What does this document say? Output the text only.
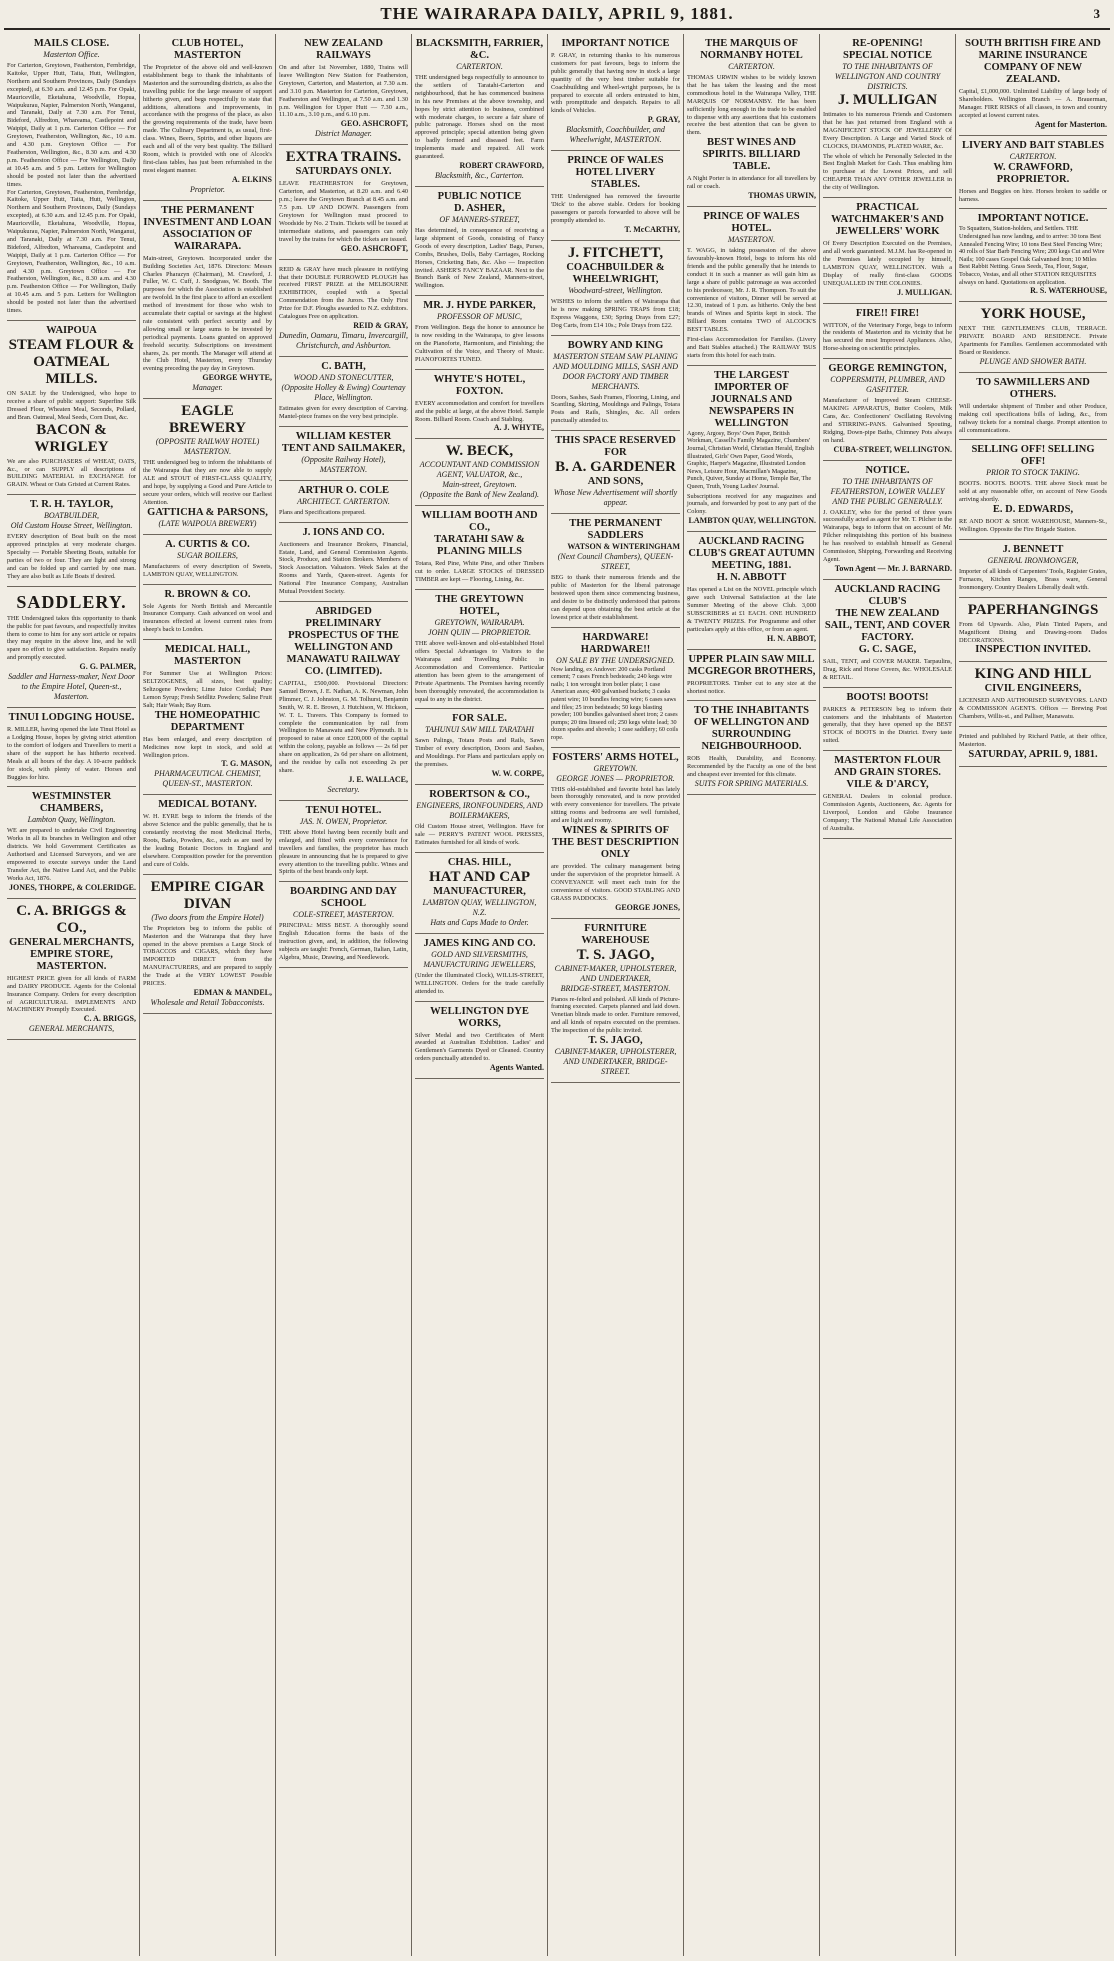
THE WAIRARAPA DAILY, APRIL 9, 1881.	3
MAILS CLOSE.
Masterton Office.
For Carterton, Greytown, Featherston, Fernbridge, Kaitoke, Upper Hutt, Taita, Hutt, Wellington, Northern and Southern Provinces, Daily (Sundays excepted), at 6.30 a.m. and 12.45 p.m. For Opaki, Mauriceville, Eketahuna, Woodville, Hopua, Waipukurau, Napier, Palmerston North, Wanganui, and Taranaki, Daily at 7.30 a.m. For Tenui, Bideford, Alfredton, Whareama, Castlepoint and Waipipi, Daily at 1 p.m. Carterton Office — For Greytown, Featherston, Wellington, &c., 10 a.m. and 4.30 p.m. Greytown Office — For Featherston, Wellington, &c., 8.30 a.m. and 4.30 p.m. Featherston Office — For Wellington, Daily at 10.45 a.m. and 5 p.m. Letters for Wellington should be posted not later than the advertised times.
For Carterton, Greytown, Featherston, Fernbridge, Kaitoke, Upper Hutt, Taita, Hutt, Wellington, Northern and Southern Provinces, Daily (Sundays excepted), at 6.30 a.m. and 12.45 p.m. For Opaki, Mauriceville, Eketahuna, Woodville, Hopua, Waipukurau, Napier, Palmerston North, Wanganui, and Taranaki, Daily at 7.30 a.m. For Tenui, Bideford, Alfredton, Whareama, Castlepoint and Waipipi, Daily at 1 p.m. Carterton Office — For Greytown, Featherston, Wellington, &c., 10 a.m. and 4.30 p.m. Greytown Office — For Featherston, Wellington, &c., 8.30 a.m. and 4.30 p.m. Featherston Office — For Wellington, Daily at 10.45 a.m. and 5 p.m. Letters for Wellington should be posted not later than the advertised times.
WAIPOUA
STEAM FLOUR & OATMEAL MILLS.
ON SALE by the Undersigned, who hope to receive a share of public support: Superfine Silk Dressed Flour, Wheaten Meal, Seconds, Pollard, and Bran. Oatmeal, Meal Seeds, Corn Dust, &c.
BACON & WRIGLEY
We are also PURCHASERS of WHEAT, OATS, &c., or can SUPPLY all descriptions of BUILDING MATERIAL in EXCHANGE for GRAIN. Wheat or Oats Gristed at Current Rates.
T. R. H. TAYLOR,
BOATBUILDER,
Old Custom House Street, Wellington.
EVERY description of Boat built on the most approved principles at very moderate charges. Specialty — Portable Sheeting Boats, suitable for parties of two or four. They are light and strong and can be folded up and carried by one man. They are also built as Life Boats if desired.
SADDLERY.
THE Undersigned takes this opportunity to thank the public for past favours, and respectfully invites them to come to him for any sort article or repairs they may require in the above line, and he will spare no effort to give satisfaction. Repairs neatly and promptly executed.
G. G. PALMER,
Saddler and Harness-maker, Next Door to the Empire Hotel, Queen-st., Masterton.
TINUI LODGING HOUSE.
R. MILLER, having opened the late Tinui Hotel as a Lodging House, hopes by giving strict attention to the comfort of lodgers and Travellers to merit a share of the support he has hitherto received. Meals at all hours of the day. A 10-acre paddock for stock, with plenty of water. Horses and Buggies for hire.
WESTMINSTER CHAMBERS,
Lambton Quay, Wellington.
WE are prepared to undertake Civil Engineering Works in all its branches in Wellington and other districts. We hold Government Certificates as Authorised and Licensed Surveyors, and we are empowered to execute surveys under the Land Transfer Act, the Native Land Act, and the Public Works Act, 1876.
JONES, THORPE, & COLERIDGE.
C. A. BRIGGS & CO.,
GENERAL MERCHANTS,
EMPIRE STORE, MASTERTON.
HIGHEST PRICE given for all kinds of FARM and DAIRY PRODUCE. Agents for the Colonial Insurance Company. Orders for every description of AGRICULTURAL IMPLEMENTS AND MACHINERY Promptly Executed.
C. A. BRIGGS,
GENERAL MERCHANTS,
CLUB HOTEL, MASTERTON
The Proprietor of the above old and well-known establishment begs to thank the inhabitants of Masterton and the surrounding districts, as also the travelling public for the large measure of support hitherto given, and begs respectfully to state that additions, alterations and improvements, in accordance with the progress of the place, as also the growing requirements of the trade, have been made. The Culinary Department is, as usual, first-class. Wines, Beers, Spirits, and other liquors are each and all of the very best quality. The Billiard Room, which is provided with one of Alcock's first-class tables, has just been refurnished in the most elegant manner.
A. ELKINS
Proprietor.
THE PERMANENT INVESTMENT AND LOAN ASSOCIATION OF WAIRARAPA.
Main-street, Greytown. Incorporated under the Building Societies Act, 1876. Directors: Messrs Charles Pharazyn (Chairman), M. Crawford, J. Fuller, W. C. Cuff, J. Snodgrass, W. Booth. The purposes for which the Association is established are twofold. In the first place to afford an excellent method of investment for those who wish to accumulate their capital or savings at the highest rate consistent with perfect security and by allowing small or large sums to be invested by periodical payments. Loans granted on approved freehold security. Subscriptions on investment shares, 2s. per month. The Manager will attend at the Club Hotel, Masterton, every Thursday evening preceding the pay day in Greytown.
GEORGE WHYTE,
Manager.
EAGLE BREWERY
(OPPOSITE RAILWAY HOTEL)
MASTERTON.
THE undersigned beg to inform the inhabitants of the Wairarapa that they are now able to supply ALE and STOUT of FIRST-CLASS QUALITY, and hope, by supplying a Good and Pure Article to secure your orders, which will receive our Earliest Attention.
GATTICHA & PARSONS,
(LATE WAIPOUA BREWERY)
A. CURTIS & CO.
SUGAR BOILERS,
Manufacturers of every description of Sweets, LAMBTON QUAY, WELLINGTON.
R. BROWN & CO.
Sole Agents for North British and Mercantile Insurance Company. Cash advanced on wool and insurances effected at lowest current rates from sheep's back to London.
MEDICAL HALL, MASTERTON
For Summer Use at Wellington Prices: SELTZOGENES, all sizes, best quality; Seltzogene Powders; Lime Juice Cordial; Pure Lemon Syrup; Fresh Seidlitz Powders; Saline Fruit Salt; Hair Wash; Bay Rum.
THE HOMEOPATHIC DEPARTMENT
Has been enlarged, and every description of Medicines now kept in stock, and sold at Wellington prices.
T. G. MASON,
PHARMACEUTICAL CHEMIST, QUEEN-ST., MASTERTON.
MEDICAL BOTANY.
W. H. EYRE begs to inform the friends of the above Science and the public generally, that he is constantly receiving the most Medicinal Herbs, Roots, Barks, Powders, &c., such as are used by the leading Botanic Doctors in England and elsewhere. Composition powder for the prevention and cure of Colds.
EMPIRE CIGAR DIVAN
(Two doors from the Empire Hotel)
The Proprietors beg to inform the public of Masterton and the Wairarapa that they have opened in the above premises a Large Stock of TOBACCOS and CIGARS, which they have IMPORTED DIRECT from the MANUFACTURERS, and are prepared to supply the Trade at the VERY LOWEST Possible PRICES.
EDMAN & MANDEL,
Wholesale and Retail Tobacconists.
NEW ZEALAND RAILWAYS
On and after 1st November, 1880, Trains will leave Wellington New Station for Featherston, Greytown, Carterton, and Masterton, at 7.30 a.m. and 3.10 p.m. Masterton for Carterton, Greytown, Featherston and Wellington, at 7.50 a.m. and 1.30 p.m. Wellington for Upper Hutt — 7.30 a.m., 11.10 a.m., 3.10 p.m., and 6.10 p.m.
GEO. ASHCROFT,
District Manager.
EXTRA TRAINS.
SATURDAYS ONLY.
LEAVE FEATHERSTON for Greytown, Carterton, and Masterton, at 8.20 a.m. and 6.40 p.m.; leave the Greytown Branch at 8.45 a.m. and 7.5 p.m. UP AND DOWN. Passengers from Greytown for Wellington must proceed to Woodside by No. 2 Train. Tickets will be issued at intermediate stations, and passengers can only travel by the trains for which the tickets are issued.
GEO. ASHCROFT,
REID & GRAY have much pleasure in notifying that their DOUBLE FURROWED PLOUGH has received FIRST PRIZE at the MELBOURNE EXHIBITION, coupled with a Special Commendation from the Jurors. The Only First Prize for D.F. Ploughs awarded to N.Z. exhibitors. Catalogues Free on application.
REID & GRAY,
Dunedin, Oamaru, Timaru, Invercargill, Christchurch, and Ashburton.
C. BATH,
WOOD AND STONECUTTER,
(Opposite Holley & Ewing) Courtenay Place, Wellington.
Estimates given for every description of Carving. Mantel-piece frames on the very best principle.
WILLIAM KESTER
TENT AND SAILMAKER,
(Opposite Railway Hotel), MASTERTON.
ARTHUR O. COLE
ARCHITECT. CARTERTON.
Plans and Specifications prepared.
J. IONS AND CO.
Auctioneers and Insurance Brokers, Financial, Estate, Land, and General Commission Agents. Stock, Produce, and Station Brokers. Members of Stock Association. Valuators. Week Sales at the Rooms and Yards, Queen-street. Agents for National Fire Insurance Company, Australian Mutual Provident Society.
ABRIDGED PRELIMINARY PROSPECTUS OF THE WELLINGTON AND MANAWATU RAILWAY CO. (LIMITED).
CAPITAL, £500,000. Provisional Directors: Samuel Brown, J. E. Nathan, A. K. Newman, John Plimmer, C. J. Johnston, G. M. Tolhurst, Benjamin Smith, W. R. E. Brown, J. Hutchison, W. Hickson, W. T. L. Travers. This Company is formed to complete the communication by rail from Wellington to Manawatu and New Plymouth. It is proposed to raise at once £200,000 of the capital within the colony, payable as follows — 2s 6d per share on application, 2s 6d per share on allotment, and the residue by calls not exceeding 2s per share.
J. E. WALLACE,
Secretary.
TENUI HOTEL.
JAS. N. OWEN, Proprietor.
THE above Hotel having been recently built and enlarged, and fitted with every convenience for travellers and families, the proprietor has much pleasure in announcing that he is prepared to give every attention to the travelling public. Wines and Spirits of the best brands only kept.
BOARDING AND DAY SCHOOL
COLE-STREET, MASTERTON.
PRINCIPAL: MISS BEST. A thoroughly sound English Education forms the basis of the instruction given, and, in addition, the following subjects are taught: French, German, Italian, Latin, Algebra, Music, Drawing, and Needlework.
BLACKSMITH, FARRIER, &C.
CARTERTON.
THE undersigned begs respectfully to announce to the settlers of Taratahi-Carterton and neighbourhood, that he has commenced business in his new Premises at the above township, and hopes by strict attention to business, combined with moderate charges, to secure a fair share of public patronage. Horses shod on the most approved principle; special attention being given to badly formed and diseased feet. Farm implements made and repaired. All work guaranteed.
ROBERT CRAWFORD,
Blacksmith, &c., Carterton.
PUBLIC NOTICE
D. ASHER,
OF MANNERS-STREET,
Has determined, in consequence of receiving a large shipment of Goods, consisting of Fancy Goods of every description, Ladies' Bags, Purses, Combs, Brushes, Dolls, Baby Carriages, Rocking Horses, Cricketing Bats, &c. Also — Inspection invited. ASHER'S FANCY BAZAAR. Next to the Branch Bank of New Zealand, Manners-street, Wellington.
MR. J. HYDE PARKER,
PROFESSOR OF MUSIC,
From Wellington. Begs the honor to announce he is now residing in the Wairarapa, to give lessons on the Pianoforte, Harmonium, and Finishing; the Cultivation of the Voice, and Theory of Music. PIANOFORTES TUNED.
WHYTE'S HOTEL, FOXTON.
EVERY accommodation and comfort for travellers and the public at large, at the above Hotel. Sample Room. Billiard Room. Coach and Stabling.
A. J. WHYTE,
W. BECK,
ACCOUNTANT AND COMMISSION AGENT, VALUATOR, &c.,
Main-street, Greytown.
(Opposite the Bank of New Zealand).
WILLIAM BOOTH AND CO.,
TARATAHI SAW & PLANING MILLS
Totara, Red Pine, White Pine, and other Timbers cut to order. LARGE STOCKS of DRESSED TIMBER are kept — Flooring, Lining, &c.
THE GREYTOWN HOTEL,
GREYTOWN, WAIRARAPA.
JOHN QUIN — PROPRIETOR.
THE above well-known and old-established Hotel offers Special Advantages to Visitors to the Wairarapa and Travelling Public in Accommodation and Convenience. Particular attention has been given to the arrangement of Private Apartments. The Premises having recently been thoroughly renovated, the accommodation is equal to any in the district.
FOR SALE.
TAHUNUI SAW MILL TARATAHI
Sawn Palings, Totara Posts and Rails, Sawn Timber of every description, Doors and Sashes, and Mouldings. For Plans and particulars apply on the premises.
W. W. CORPE,
ROBERTSON & CO.,
ENGINEERS, IRONFOUNDERS, AND BOILERMAKERS,
Old Custom House street, Wellington. Have for sale — PERRY'S PATENT WOOL PRESSES, Estimates furnished for all kinds of work.
CHAS. HILL,
HAT AND CAP
MANUFACTURER,
LAMBTON QUAY, WELLINGTON, N.Z.
Hats and Caps Made to Order.
JAMES KING AND CO.
GOLD AND SILVERSMITHS, MANUFACTURING JEWELLERS,
(Under the Illuminated Clock), WILLIS-STREET, WELLINGTON. Orders for the trade carefully attended to.
WELLINGTON DYE WORKS,
Silver Medal and two Certificates of Merit awarded at Australian Exhibition. Ladies' and Gentlemen's Garments Dyed or Cleaned. Country orders punctually attended to.
Agents Wanted.
IMPORTANT NOTICE
P. GRAY, in returning thanks to his numerous customers for past favours, begs to inform the public generally that having now in stock a large quantity of the very best timber suitable for Coachbuilding and Wheel-wright purposes, he is prepared to execute all orders entrusted to him, with promptitude and despatch. Repairs to all kinds of Vehicles.
P. GRAY,
Blacksmith, Coachbuilder, and Wheelwright, MASTERTON.
PRINCE OF WALES HOTEL LIVERY STABLES.
THE Undersigned has removed the favourite 'Dick' to the above stable. Orders for booking passengers or parcels forwarded to above will be promptly attended to.
T. McCARTHY,
J. FITCHETT,
COACHBUILDER & WHEELWRIGHT,
Woodward-street, Wellington.
WISHES to inform the settlers of Wairarapa that he is now making SPRING TRAPS from £18; Express Waggons, £30; Spring Drays from £27; Dog Carts, from £14 10s.; Pole Drays from £22.
BOWRY AND KING
MASTERTON STEAM SAW PLANING AND MOULDING MILLS, SASH AND DOOR FACTORY AND TIMBER MERCHANTS.
Doors, Sashes, Sash Frames, Flooring, Lining, and Scantling, Skirting, Mouldings and Palings, Totara Posts and Rails, Shingles, &c. All orders punctually attended to.
THIS SPACE RESERVED FOR
B. A. GARDENER
AND SONS,
Whose New Advertisement will shortly appear.
THE PERMANENT SADDLERS
WATSON & WINTERINGHAM
(Next Council Chambers), QUEEN-STREET,
BEG to thank their numerous friends and the public of Masterton for the liberal patronage bestowed upon them since commencing business, and desire to be distinctly understood that patrons can depend upon obtaining the best article at the lowest price at their establishment.
HARDWARE! HARDWARE!!
ON SALE BY THE UNDERSIGNED.
Now landing, ex Andover: 200 casks Portland cement; 7 cases French bedsteads; 240 kegs wire nails; 1 ton wrought iron boiler plate; 1 case American axes; 400 galvanised buckets; 3 casks patent wire; 10 bundles fencing wire; 6 cases saws and files; 25 iron bedsteads; 50 kegs blasting powder; 100 bundles galvanised sheet iron; 2 cases pumps; 20 tins linseed oil; 250 kegs white lead; 30 dozen spades and shovels; 1 case saddlery; 60 coils rope.
FOSTERS' ARMS HOTEL,
GREYTOWN.
GEORGE JONES — PROPRIETOR.
THIS old-established and favorite hotel has lately been thoroughly renovated, and is now provided with every convenience for travellers. The private sitting rooms and bedrooms are well furnished, and are light and roomy.
WINES & SPIRITS OF THE BEST DESCRIPTION ONLY
are provided. The culinary management being under the supervision of the proprietor himself. A CONVEYANCE will meet each train for the convenience of visitors. GOOD STABLING AND GRASS PADDOCKS.
GEORGE JONES,
FURNITURE WAREHOUSE
T. S. JAGO,
CABINET-MAKER, UPHOLSTERER, AND UNDERTAKER,
BRIDGE-STREET, MASTERTON.
Pianos re-felted and polished. All kinds of Picture-framing executed. Carpets planned and laid down. Venetian blinds made to order. Furniture removed, and all kinds of repairs executed on the premises. The inspection of the public invited.
T. S. JAGO,
CABINET-MAKER, UPHOLSTERER, AND UNDERTAKER, BRIDGE-STREET.
THE MARQUIS OF NORMANBY HOTEL
CARTERTON.
THOMAS URWIN wishes to be widely known that he has taken the leasing and the most commodious hotel in the Wairarapa Valley, THE MARQUIS OF NORMANBY. He has been sufficiently long enough in the trade to be enabled to dispense with any assertions that his customers receive the best attention that can be given to them.
BEST WINES AND SPIRITS. BILLIARD TABLE.
A Night Porter is in attendance for all travellers by rail or coach.
THOMAS URWIN,
PRINCE OF WALES HOTEL.
MASTERTON.
T. WAGG, in taking possession of the above favourably-known Hotel, begs to inform his old friends and the public generally that he intends to conduct it in such a manner as will gain him as large a share of public patronage as was accorded to his predecessor, Mr. J. R. Thompson. To suit the convenience of visitors, Dinner will be served at 12.30, instead of 1 p.m. as hitherto. Only the best brands of Wines and Spirits kept in stock. The Billiard Room contains TWO of ALCOCK'S BEST TABLES.
First-class Accommodation for Families. (Livery and Bait Stables attached.) The RAILWAY 'BUS starts from this hotel for each train.
THE LARGEST IMPORTER OF JOURNALS AND NEWSPAPERS IN WELLINGTON
Agony, Argosy, Boys' Own Paper, British Workman, Cassell's Family Magazine, Chambers' Journal, Christian World, Christian Herald, English Illustrated, Girls' Own Paper, Good Words, Graphic, Harper's Magazine, Illustrated London News, Leisure Hour, Macmillan's Magazine, Punch, Quiver, Sunday at Home, Temple Bar, The Queen, Truth, Young Ladies' Journal.
Subscriptions received for any magazines and journals, and forwarded by post to any part of the Colony.
LAMBTON QUAY, WELLINGTON.
AUCKLAND RACING CLUB'S GREAT AUTUMN MEETING, 1881.
H. N. ABBOTT
Has opened a List on the NOVEL principle which gave such Universal Satisfaction at the late Summer Meeting of the above Club. 3,000 SUBSCRIBERS at £1 EACH. ONE HUNDRED & TWENTY PRIZES. For Programme and other particulars apply at this office, or from an agent.
H. N. ABBOT,
UPPER PLAIN SAW MILL
MCGREGOR BROTHERS,
PROPRIETORS. Timber cut to any size at the shortest notice.
TO THE INHABITANTS OF WELLINGTON AND SURROUNDING NEIGHBOURHOOD.
ROB Health, Durability, and Economy. Recommended by the Faculty as one of the best and cheapest ever invented for this climate.
SUITS FOR SPRING MATERIALS.
RE-OPENING!
SPECIAL NOTICE
TO THE INHABITANTS OF WELLINGTON AND COUNTRY DISTRICTS.
J. MULLIGAN
Intimates to his numerous Friends and Customers that he has just returned from England with a MAGNIFICENT STOCK OF JEWELLERY Of Every Description. A Large and Varied Stock of CLOCKS, DIAMONDS, PLATED WARE, &c.
The whole of which he Personally Selected in the Best English Market for Cash. Thus enabling him to purchase at the Lowest Prices, and sell CHEAPER THAN ANY OTHER JEWELLER in the city of Wellington.
PRACTICAL WATCHMAKER'S AND JEWELLERS' WORK
Of Every Description Executed on the Premises, and all work guaranteed. M.J.M. has Re-opened in the Premises lately occupied by himself, LAMBTON QUAY, WELLINGTON. With a Display of really first-class GOODS UNEQUALLED IN THE COLONIES.
J. MULLIGAN.
FIRE!! FIRE!
WITTON, of the Veterinary Forge, begs to inform the residents of Masterton and its vicinity that he has secured the most Improved Appliances. Also, Horse-shoeing on scientific principles.
GEORGE REMINGTON,
COPPERSMITH, PLUMBER, AND GASFITTER.
Manufacturer of Improved Steam CHEESE-MAKING APPARATUS, Butter Coolers, Milk Cans, &c. Confectioners' Oscillating Revolving and STIRRING-PANS. Galvanised Spouting, Ridging, Down-pipe Baths, Chimney Pots always on hand.
CUBA-STREET, WELLINGTON.
NOTICE.
TO THE INHABITANTS OF FEATHERSTON, LOWER VALLEY AND THE PUBLIC GENERALLY.
J. OAKLEY, who for the period of three years successfully acted as agent for Mr. T. Pilcher in the Wairarapa, begs to inform that on account of Mr. Pilcher relinquishing this portion of his business he has resolved to establish himself as General Commission, Shipping, Forwarding and Receiving Agent.
Town Agent — Mr. J. BARNARD.
AUCKLAND RACING CLUB'S
THE NEW ZEALAND SAIL, TENT, AND COVER FACTORY.
G. C. SAGE,
SAIL, TENT, and COVER MAKER. Tarpaulins, Drag, Rick and Horse Covers, &c. WHOLESALE & RETAIL.
BOOTS! BOOTS!
PARKES & PETERSON beg to inform their customers and the inhabitants of Masterton generally, that they have opened up the BEST STOCK of BOOTS in the District. Every taste suited.
MASTERTON FLOUR AND GRAIN STORES.
VILE & D'ARCY,
GENERAL Dealers in colonial produce. Commission Agents, Auctioneers, &c. Agents for Liverpool, London and Globe Insurance Company; The National Mutual Life Association of Australia.
SOUTH BRITISH FIRE AND MARINE INSURANCE COMPANY OF NEW ZEALAND.
Capital, £1,000,000. Unlimited Liability of large body of Shareholders. Wellington Branch — A. Brauerman, Manager. FIRE RISKS of all classes, in town and country accepted at lowest current rates.
Agent for Masterton.
LIVERY AND BAIT STABLES
CARTERTON.
W. CRAWFORD, PROPRIETOR.
Horses and Buggies on hire. Horses broken to saddle or harness.
IMPORTANT NOTICE.
To Squatters, Station-holders, and Settlers. THE Undersigned has now landing, and to arrive: 30 tons Best Annealed Fencing Wire; 10 tons Best Steel Fencing Wire; 40 rolls of Star Barb Fencing Wire; 200 kegs Cut and Wire Nails; 100 cases Gospel Oak Galvanised Iron; 10 Miles Best Rabbit Netting. Grass Seeds, Tea, Flour, Sugar, Tobacco, Vestas, and all other STATION REQUISITES always on hand. Quotations on application.
R. S. WATERHOUSE,
YORK HOUSE,
NEXT THE GENTLEMEN'S CLUB, TERRACE. PRIVATE BOARD AND RESIDENCE. Private Apartments for Families. Gentlemen accommodated with Board or Residence.
PLUNGE AND SHOWER BATH.
TO SAWMILLERS AND OTHERS.
Will undertake shipment of Timber and other Produce, making coil specifications bills of lading, &c., from railway tickets for a nominal charge. Prompt attention to all communications.
SELLING OFF! SELLING OFF!
PRIOR TO STOCK TAKING.
BOOTS. BOOTS. BOOTS. THE above Stock must be sold at any reasonable offer, on account of New Goods arriving shortly.
E. D. EDWARDS,
RE AND BOOT & SHOE WAREHOUSE, Manners-St., Wellington. Opposite the Fire Brigade Station.
J. BENNETT
GENERAL IRONMONGER,
Importer of all kinds of Carpenters' Tools, Register Grates, Furnaces, Kitchen Ranges, Brass ware, General Ironmongery. Country Dealers Liberally dealt with.
PAPERHANGINGS
From 6d Upwards. Also, Plain Tinted Papers, and Magnificent Dining and Drawing-room Dados DECORATIONS.
INSPECTION INVITED.
KING AND HILL
CIVIL ENGINEERS,
LICENSED AND AUTHORISED SURVEYORS. LAND & COMMISSION AGENTS. Offices — Brewing Post Chambers, Willis-st., and Palliser, Manawatu.
Printed and published by Richard Pattle, at their office, Masterton.
SATURDAY, APRIL 9, 1881.
